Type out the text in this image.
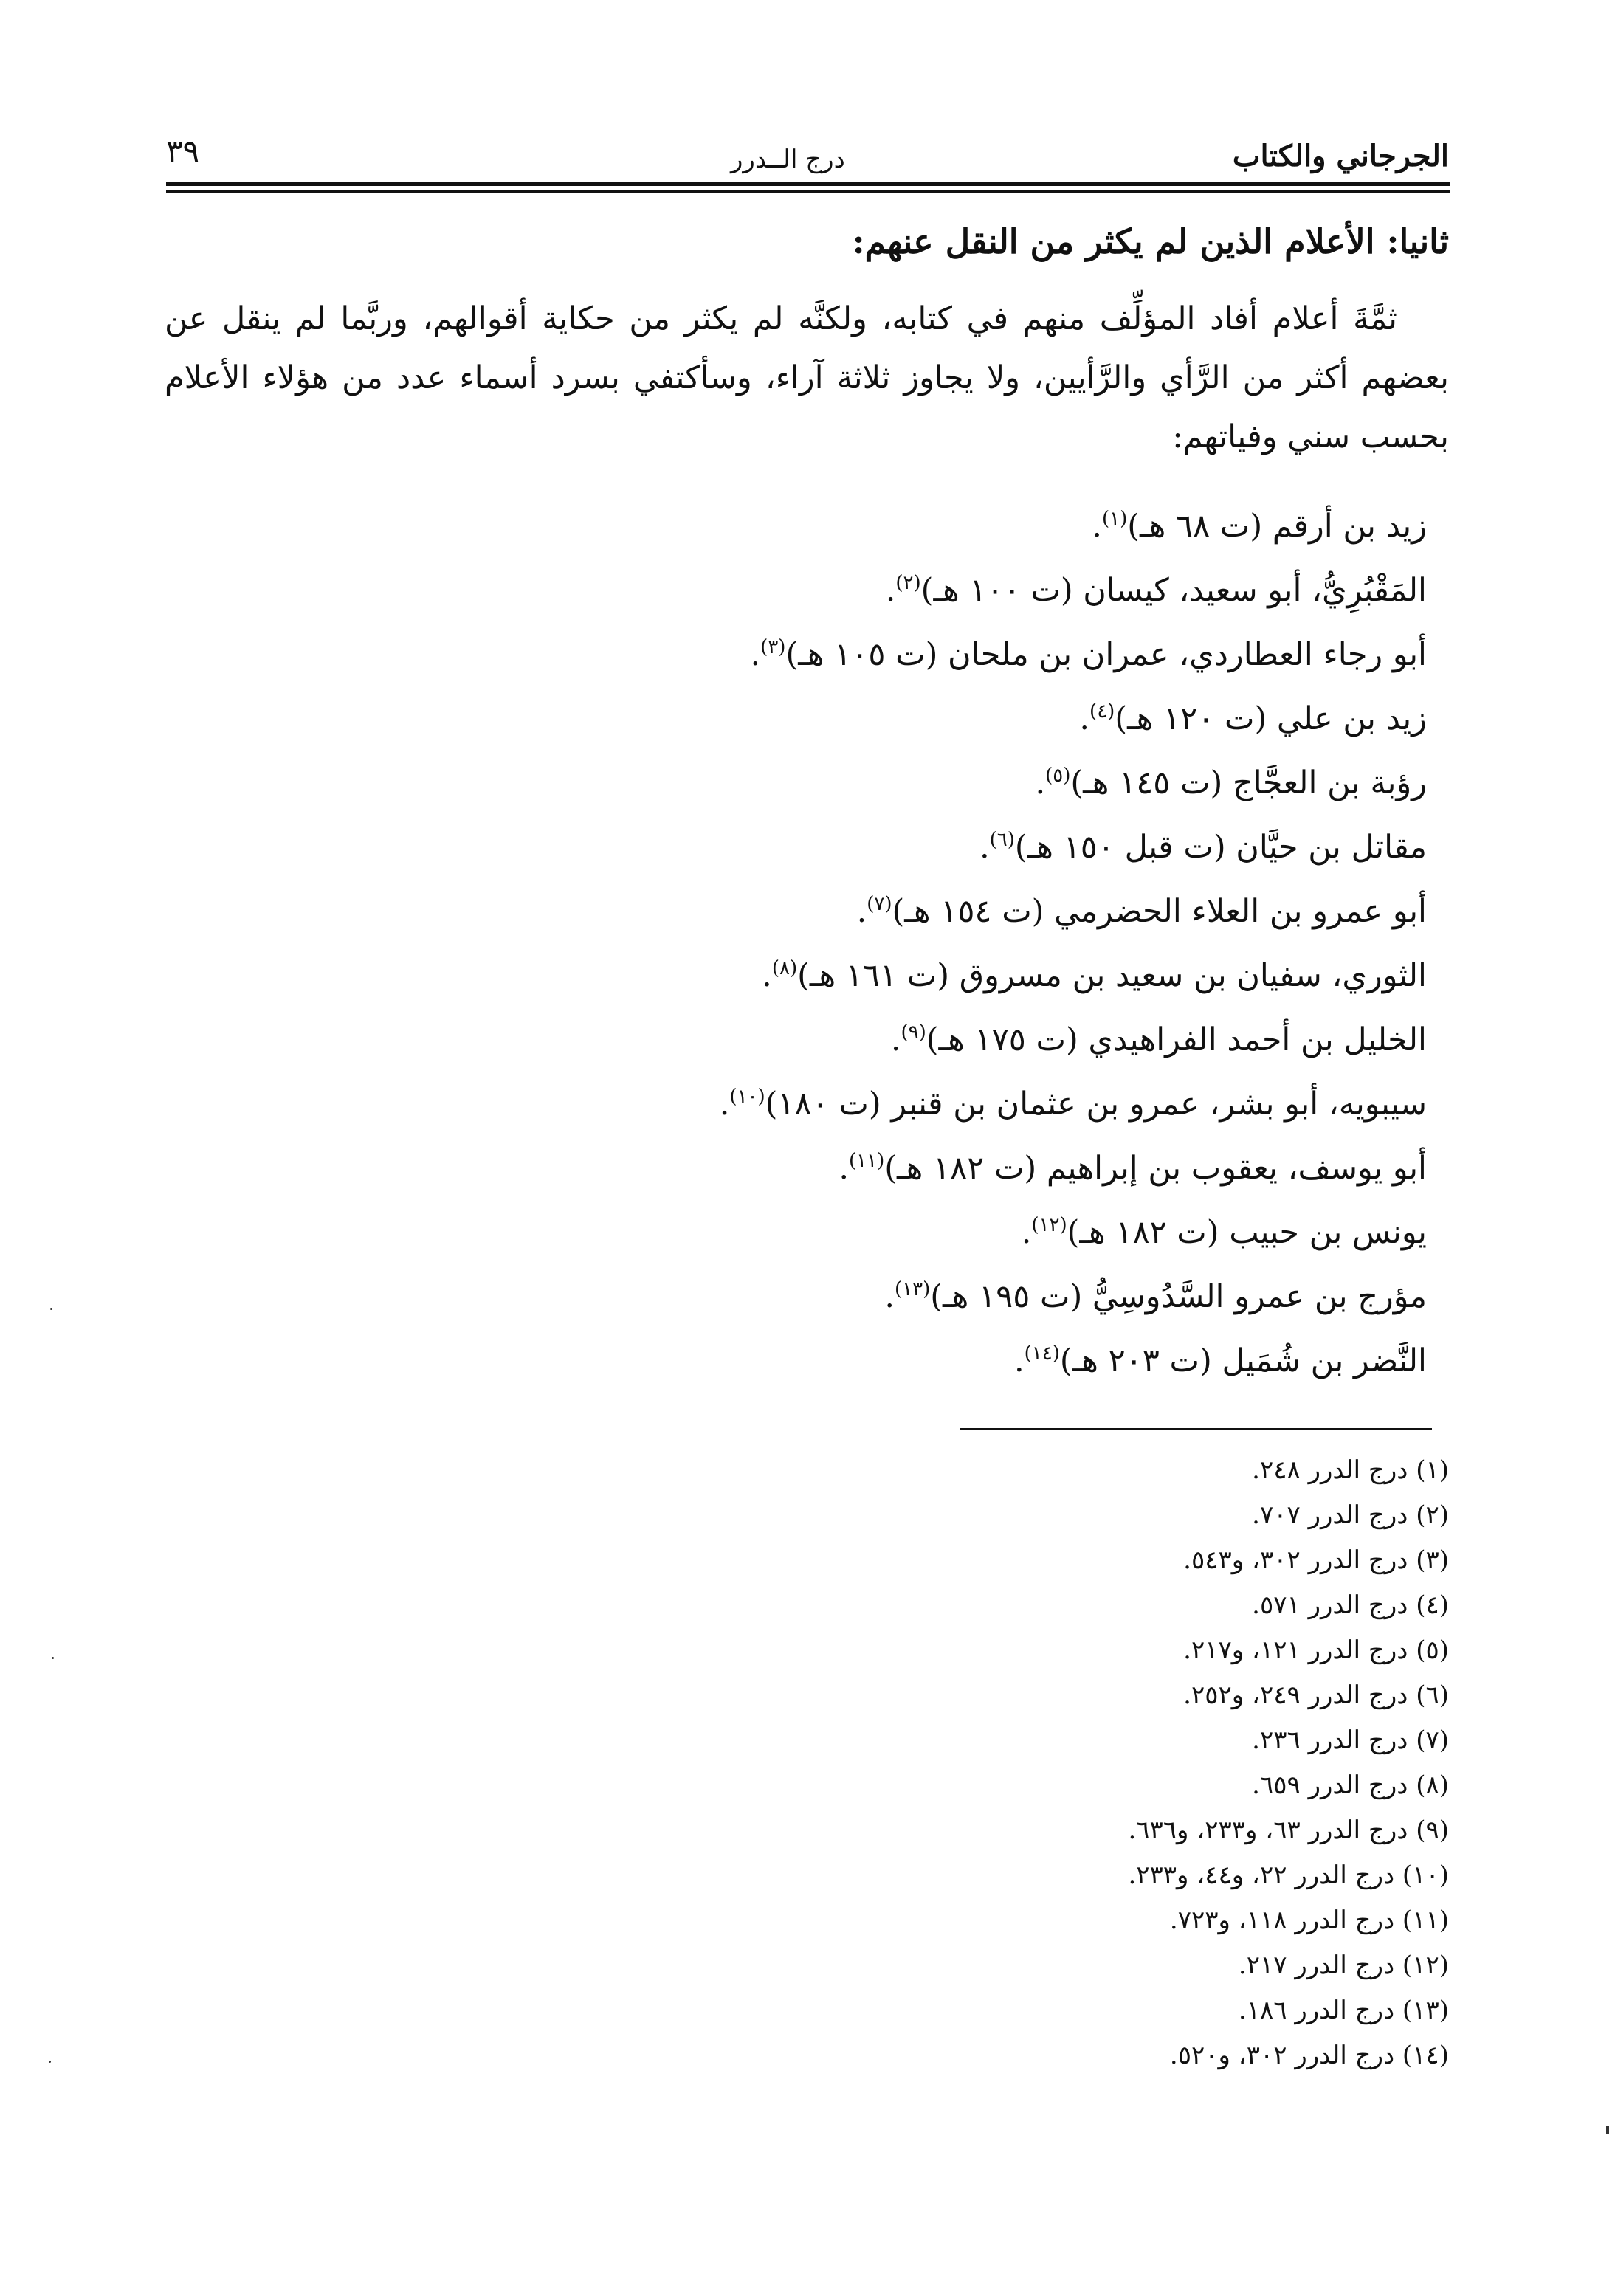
الجرجاني والكتاب
درج الــدرر
٣٩
ثانيا: الأعلام الذين لم يكثر من النقل عنهم:

ثمَّةَ أعلام أفاد المؤلِّف منهم في كتابه، ولكنَّه لم يكثر من حكاية أقوالهم، وربَّما لم ينقل عن بعضهم أكثر من الرَّأي والرَّأيين، ولا يجاوز ثلاثة آراء، وسأكتفي بسرد أسماء عدد من هؤلاء الأعلام بحسب سني وفياتهم:

زيد بن أرقم (ت ٦٨ هـ)$^{(١)}$.
المَقْبُرِيُّ، أبو سعيد، كيسان (ت ١٠٠ هـ)$^{(٢)}$.
أبو رجاء العطاردي، عمران بن ملحان (ت ١٠٥ هـ)$^{(٣)}$.
زيد بن علي (ت ١٢٠ هـ)$^{(٤)}$.
رؤبة بن العجَّاج (ت ١٤٥ هـ)$^{(٥)}$.
مقاتل بن حيَّان (ت قبل ١٥٠ هـ)$^{(٦)}$.
أبو عمرو بن العلاء الحضرمي (ت ١٥٤ هـ)$^{(٧)}$.
الثوري، سفيان بن سعيد بن مسروق (ت ١٦١ هـ)$^{(٨)}$.
الخليل بن أحمد الفراهيدي (ت ١٧٥ هـ)$^{(٩)}$.
سيبويه، أبو بشر، عمرو بن عثمان بن قنبر (ت ١٨٠)$^{(١٠)}$.
أبو يوسف، يعقوب بن إبراهيم (ت ١٨٢ هـ)$^{(١١)}$.
يونس بن حبيب (ت ١٨٢ هـ)$^{(١٢)}$.
مؤرج بن عمرو السَّدُوسِيُّ (ت ١٩٥ هـ)$^{(١٣)}$.
النَّضر بن شُمَيل (ت ٢٠٣ هـ)$^{(١٤)}$.
(١) درج الدرر ٢٤٨.
(٢) درج الدرر ٧٠٧.
(٣) درج الدرر ٣٠٢، و٥٤٣.
(٤) درج الدرر ٥٧١.
(٥) درج الدرر ١٢١، و٢١٧.
(٦) درج الدرر ٢٤٩، و٢٥٢.
(٧) درج الدرر ٢٣٦.
(٨) درج الدرر ٦٥٩.
(٩) درج الدرر ٦٣، و٢٣٣، و٦٣٦.
(١٠) درج الدرر ٢٢، و٤٤، و٢٣٣.
(١١) درج الدرر ١١٨، و٧٢٣.
(١٢) درج الدرر ٢١٧.
(١٣) درج الدرر ١٨٦.
(١٤) درج الدرر ٣٠٢، و٥٢٠.
